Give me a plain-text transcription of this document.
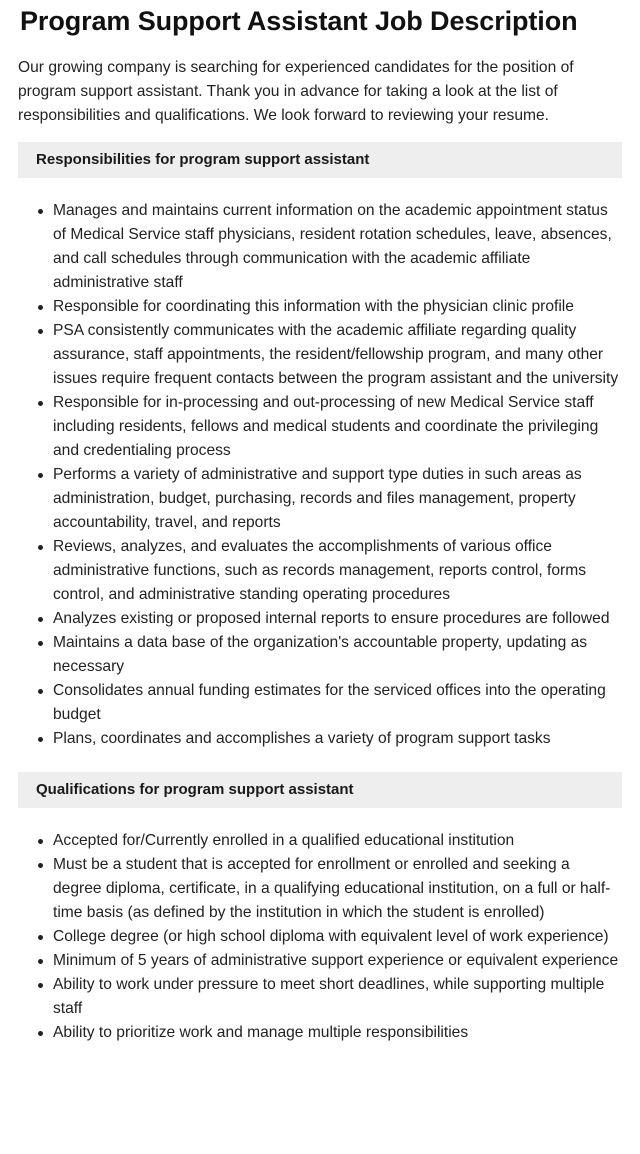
Program Support Assistant Job Description

Our growing company is searching for experienced candidates for the position of program support assistant. Thank you in advance for taking a look at the list of responsibilities and qualifications. We look forward to reviewing your resume.

Responsibilities for program support assistant
Manages and maintains current information on the academic appointment status of Medical Service staff physicians, resident rotation schedules, leave, absences, and call schedules through communication with the academic affiliate administrative staff
Responsible for coordinating this information with the physician clinic profile
PSA consistently communicates with the academic affiliate regarding quality assurance, staff appointments, the resident/fellowship program, and many other issues require frequent contacts between the program assistant and the university
Responsible for in-processing and out-processing of new Medical Service staff including residents, fellows and medical students and coordinate the privileging and credentialing process
Performs a variety of administrative and support type duties in such areas as administration, budget, purchasing, records and files management, property accountability, travel, and reports
Reviews, analyzes, and evaluates the accomplishments of various office administrative functions, such as records management, reports control, forms control, and administrative standing operating procedures
Analyzes existing or proposed internal reports to ensure procedures are followed
Maintains a data base of the organization's accountable property, updating as necessary
Consolidates annual funding estimates for the serviced offices into the operating budget
Plans, coordinates and accomplishes a variety of program support tasks
Qualifications for program support assistant
Accepted for/Currently enrolled in a qualified educational institution
Must be a student that is accepted for enrollment or enrolled and seeking a degree diploma, certificate, in a qualifying educational institution, on a full or half-time basis (as defined by the institution in which the student is enrolled)
College degree (or high school diploma with equivalent level of work experience)
Minimum of 5 years of administrative support experience or equivalent experience
Ability to work under pressure to meet short deadlines, while supporting multiple staff
Ability to prioritize work and manage multiple responsibilities
